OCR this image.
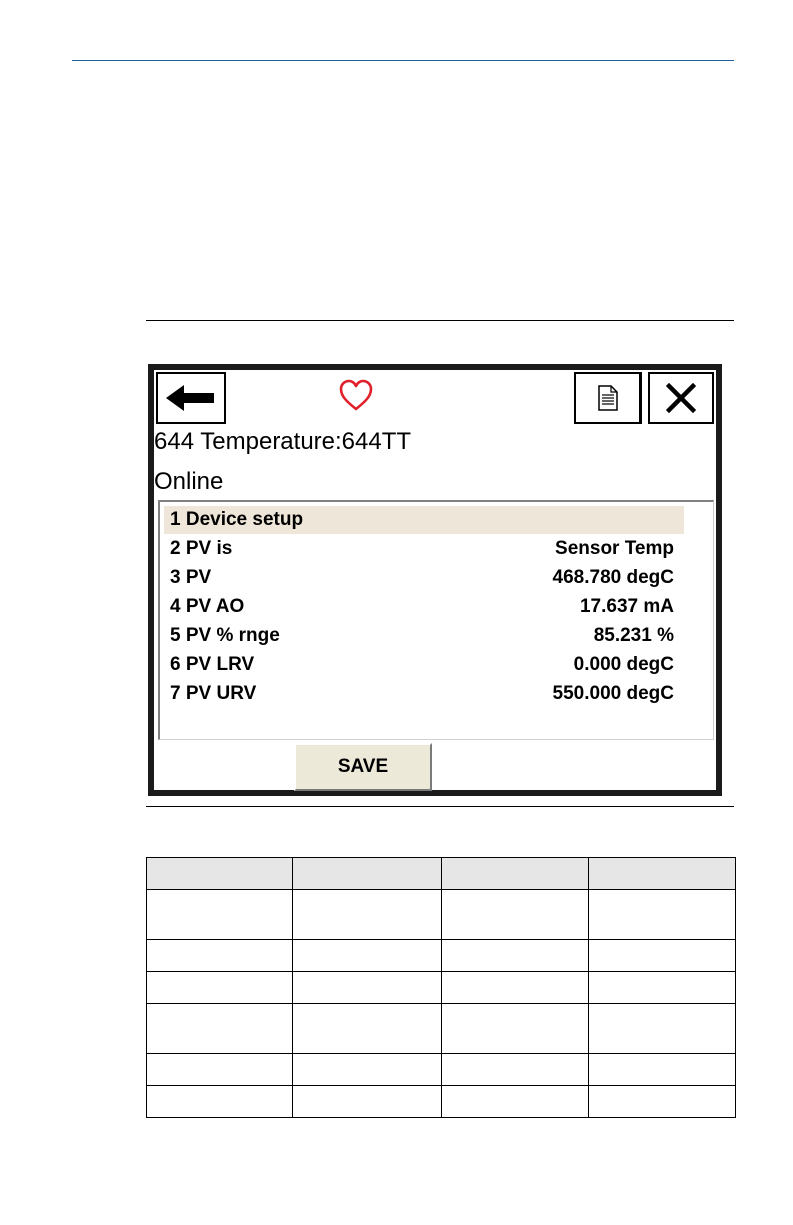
644 Temperature:644TT
Online
1 Device setup
2 PV is	Sensor Temp
3 PV	468.780 degC
4 PV AO	17.637 mA
5 PV % rnge	85.231 %
6 PV LRV	0.000 degC
7 PV URV	550.000 degC
SAVE
